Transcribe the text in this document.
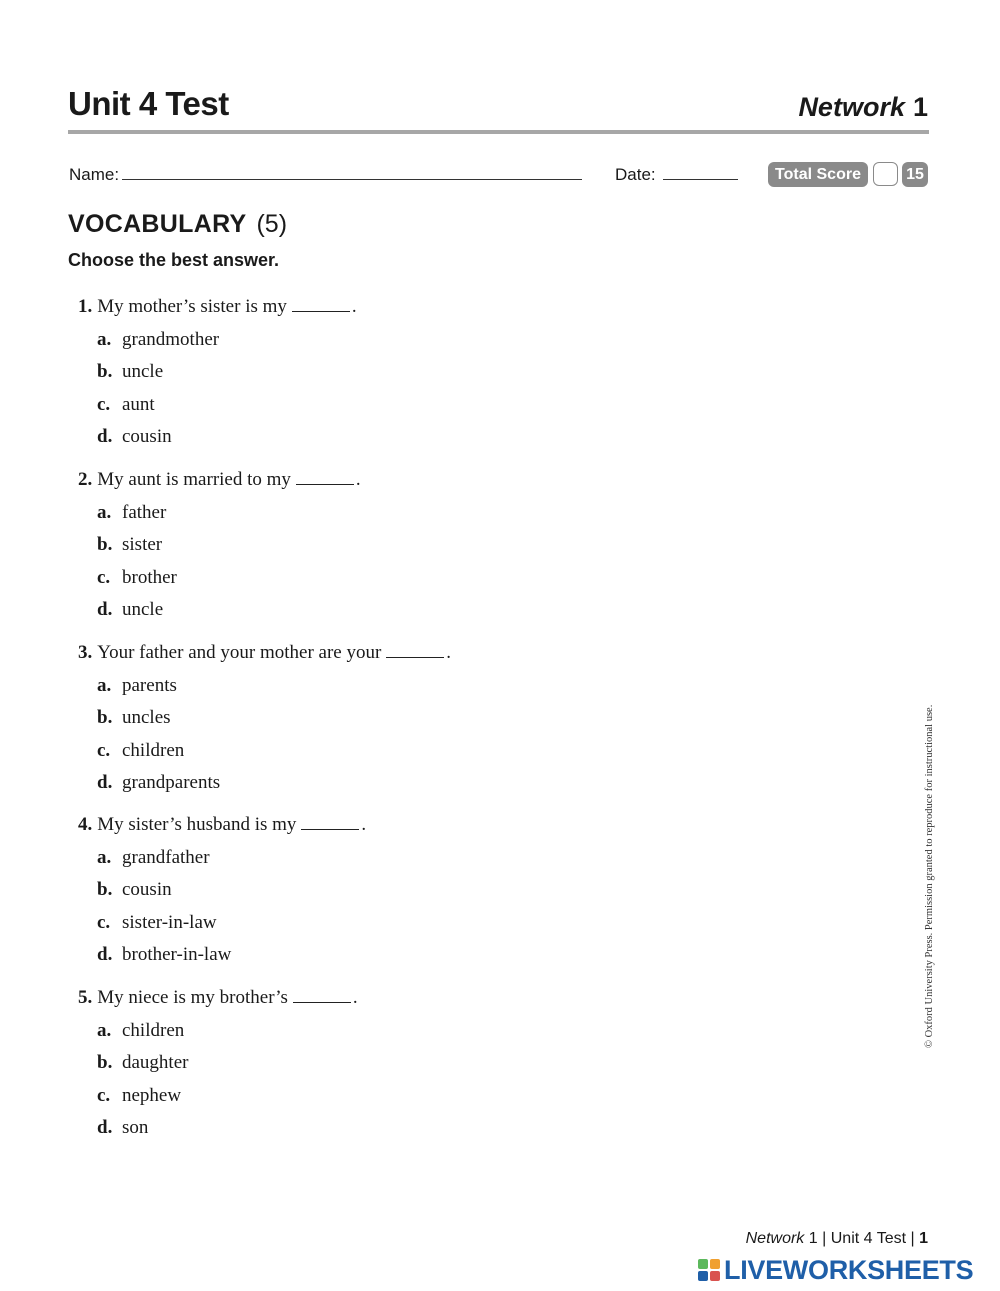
Unit 4 Test	Network 1
Name:	Date:	Total Score	15
VOCABULARY (5)
Choose the best answer.
1. My mother’s sister is my	.
a. grandmother
b. uncle
c. aunt
d. cousin
2. My aunt is married to my	.
a. father
b. sister
c. brother
d. uncle
3. Your father and your mother are your	.
a. parents
b. uncles
c. children
d. grandparents
4. My sister’s husband is my	.
a. grandfather
b. cousin
c. sister-in-law
d. brother-in-law
5. My niece is my brother’s	.
a. children
b. daughter
c. nephew
d. son
© Oxford University Press. Permission granted to reproduce for instructional use.
Network 1 | Unit 4 Test | 1
LIVEWORKSHEETS
